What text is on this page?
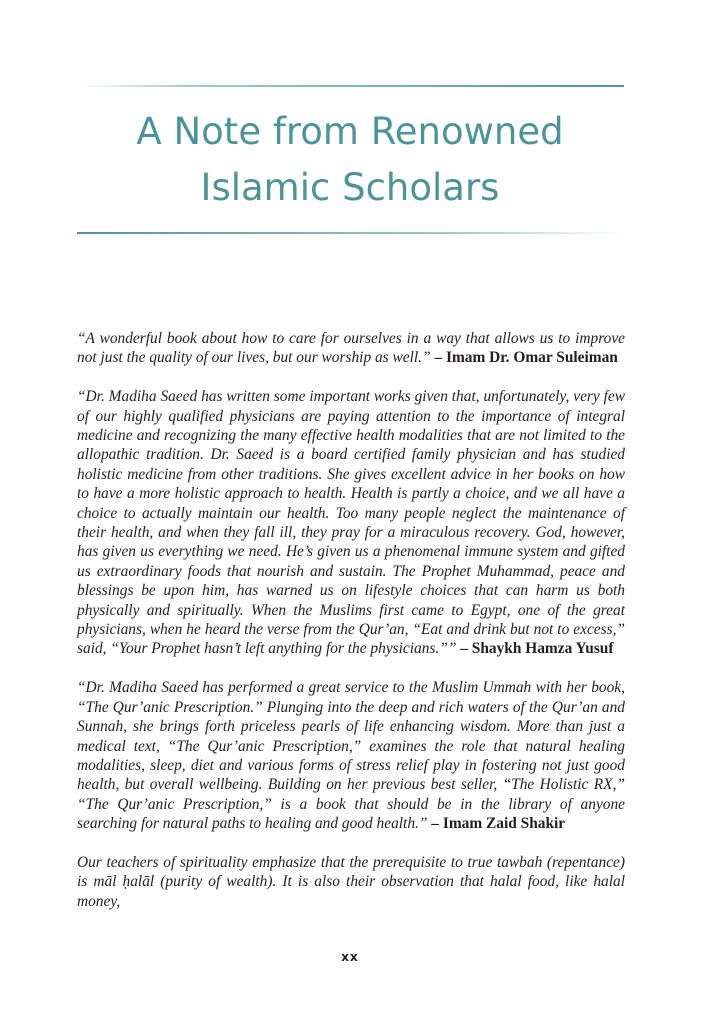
A Note from Renowned
Islamic Scholars

“A wonderful book about how to care for ourselves in a way that allows us to improve not just the quality of our lives, but our worship as well.” – Imam Dr. Omar Suleiman

“Dr. Madiha Saeed has written some important works given that, unfortunately, very few of our highly qualified physicians are paying attention to the importance of integral medicine and recognizing the many effective health modalities that are not limited to the allopathic tradition. Dr. Saeed is a board certified family physician and has studied holistic medicine from other traditions. She gives excellent advice in her books on how to have a more holistic approach to health. Health is partly a choice, and we all have a choice to actually maintain our health. Too many people neglect the maintenance of their health, and when they fall ill, they pray for a miraculous recovery. God, however, has given us everything we need. He’s given us a phenomenal immune system and gifted us extraordinary foods that nourish and sustain. The Prophet Muhammad, peace and blessings be upon him, has warned us on lifestyle choices that can harm us both physically and spiritually. When the Muslims first came to Egypt, one of the great physicians, when he heard the verse from the Qur’an, “Eat and drink but not to excess,” said, “Your Prophet hasn’t left anything for the physicians.”” – Shaykh Hamza Yusuf

“Dr. Madiha Saeed has performed a great service to the Muslim Ummah with her book, “The Qur’anic Prescription.” Plunging into the deep and rich waters of the Qur’an and Sunnah, she brings forth priceless pearls of life enhancing wisdom. More than just a medical text, “The Qur’anic Prescription,” examines the role that natural healing modalities, sleep, diet and various forms of stress relief play in fostering not just good health, but overall wellbeing. Building on her previous best seller, “The Holistic RX,” “The Qur’anic Prescription,” is a book that should be in the library of anyone searching for natural paths to healing and good health.” – Imam Zaid Shakir

Our teachers of spirituality emphasize that the prerequisite to true tawbah (repentance) is māl ḥalāl (purity of wealth). It is also their observation that halal food, like halal money,

xx
